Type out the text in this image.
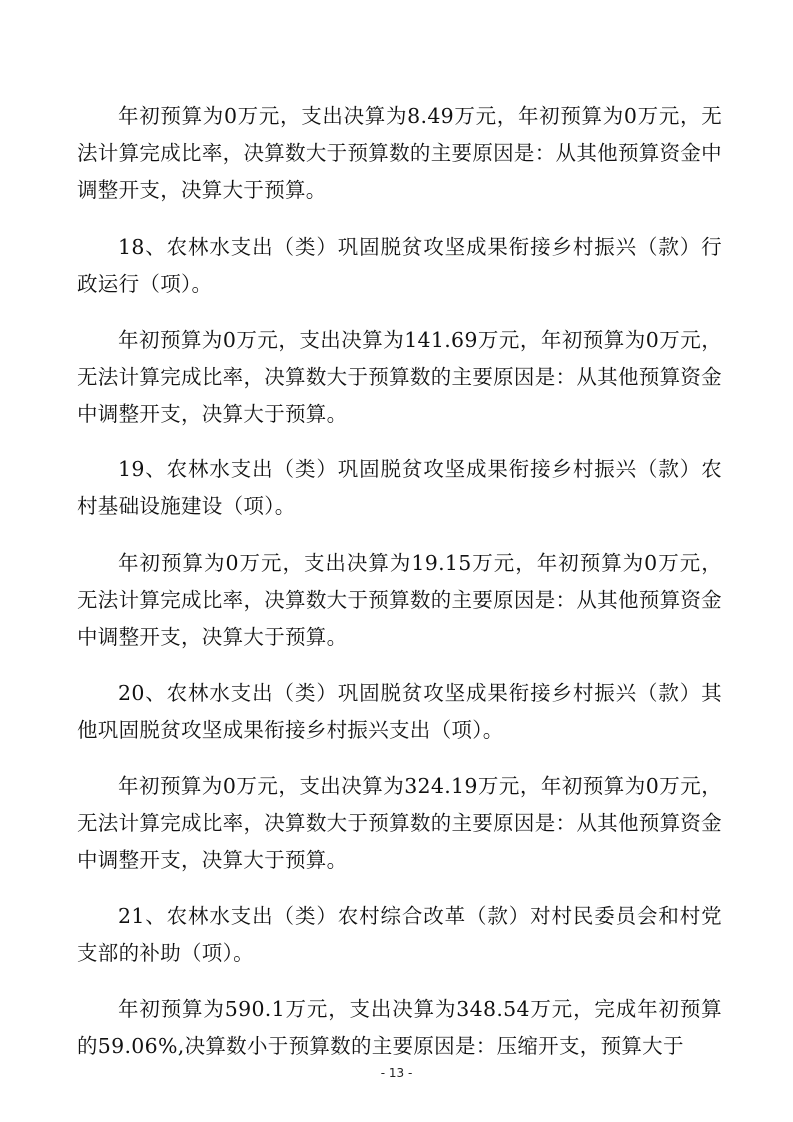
年初预算为0万元，支出决算为8.49万元，年初预算为0万元，无法计算完成比率，决算数大于预算数的主要原因是：从其他预算资金中调整开支，决算大于预算。

18、农林水支出（类）巩固脱贫攻坚成果衔接乡村振兴（款）行政运行（项）。

年初预算为0万元，支出决算为141.69万元，年初预算为0万元，无法计算完成比率，决算数大于预算数的主要原因是：从其他预算资金中调整开支，决算大于预算。

19、农林水支出（类）巩固脱贫攻坚成果衔接乡村振兴（款）农村基础设施建设（项）。

年初预算为0万元，支出决算为19.15万元，年初预算为0万元，无法计算完成比率，决算数大于预算数的主要原因是：从其他预算资金中调整开支，决算大于预算。

20、农林水支出（类）巩固脱贫攻坚成果衔接乡村振兴（款）其他巩固脱贫攻坚成果衔接乡村振兴支出（项）。

年初预算为0万元，支出决算为324.19万元，年初预算为0万元，无法计算完成比率，决算数大于预算数的主要原因是：从其他预算资金中调整开支，决算大于预算。

21、农林水支出（类）农村综合改革（款）对村民委员会和村党支部的补助（项）。

年初预算为590.1万元，支出决算为348.54万元，完成年初预算的59.06%,决算数小于预算数的主要原因是：压缩开支，预算大于

- 13 -
